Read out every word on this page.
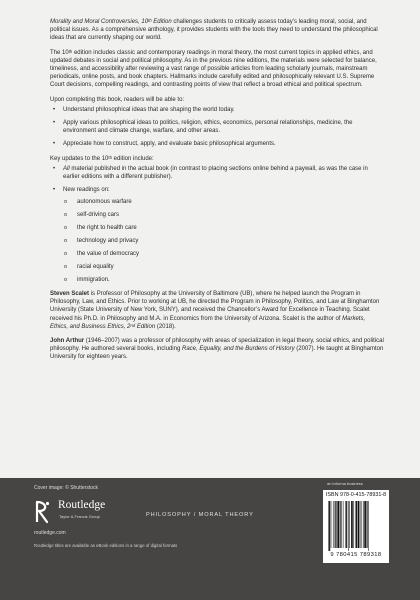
Morality and Moral Controversies, 10th Edition challenges students to critically assess today’s leading moral, social, and political issues. As a comprehensive anthology, it provides students with the tools they need to understand the philosophical ideas that are currently shaping our world.

The 10th edition includes classic and contemporary readings in moral theory, the most current topics in applied ethics, and updated debates in social and political philosophy. As in the previous nine editions, the materials were selected for balance, timeliness, and accessibility after reviewing a vast range of possible articles from leading scholarly journals, mainstream periodicals, online posts, and book chapters. Hallmarks include carefully edited and philosophically relevant U.S. Supreme Court decisions, compelling readings, and contrasting points of view that reflect a broad ethical and political spectrum.

Upon completing this book, readers will be able to:

• Understand philosophical ideas that are shaping the world today.
• Apply various philosophical ideas to politics, religion, ethics, economics, personal relationships, medicine, the environment and climate change, warfare, and other areas.
• Appreciate how to construct, apply, and evaluate basic philosophical arguments.

Key updates to the 10th edition include:

• All material published in the actual book (in contrast to placing sections online behind a paywall, as was the case in earlier editions with a different publisher).
• New readings on:
o autonomous warfare
o self-driving cars
o the right to health care
o technology and privacy
o the value of democracy
o racial equality
o immigration.

Steven Scalet is Professor of Philosophy at the University of Baltimore (UB), where he helped launch the Program in Philosophy, Law, and Ethics. Prior to working at UB, he directed the Program in Philosophy, Politics, and Law at Binghamton University (State University of New York, SUNY), and received the Chancellor’s Award for Excellence in Teaching. Scalet received his Ph.D. in Philosophy and M.A. in Economics from the University of Arizona. Scalet is the author of Markets, Ethics, and Business Ethics, 2nd Edition (2018).

John Arthur (1946–2007) was a professor of philosophy with areas of specialization in legal theory, social ethics, and political philosophy. He authored several books, including Race, Equality, and the Burdens of History (2007). He taught at Binghamton University for eighteen years.

Cover image: © Shutterstock
Routledge
Taylor & Francis Group
routledge.com
PHILOSOPHY / MORAL THEORY
an informa business
ISBN 978-0-415-78931-8
9 780415 789318
Routledge titles are available as eBook editions in a range of digital formats
